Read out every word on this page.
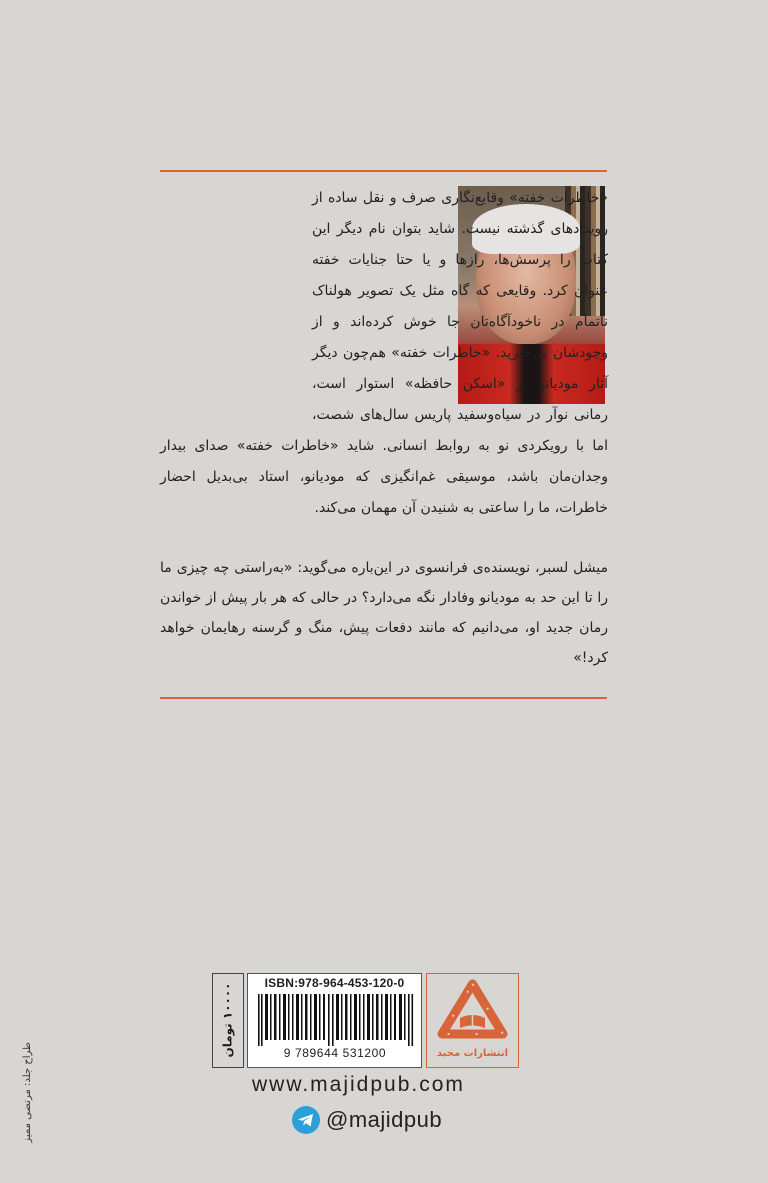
«خاطرات خفته» وقایع‌نگاری صرف و نقل ساده از رویدادهای گذشته نیست. شاید بتوان نام دیگر این کتاب را پرسش‌ها، رازها و یا حتا جنایات خفته عنوان کرد. وقایعی که گاه مثل یک تصویر هولناک ناتمام در ناخودآگاه‌تان جا خوش کرده‌اند و از وجودشان بی‌خبرید. «خاطرات خفته» هم‌چون دیگر آثار مودیانو بر «اسکن حافظه» استوار است، رمانی نوآر در سیاه‌وسفید پاریس سال‌های شصت، اما با رویکردی نو به روابط انسانی. شاید «خاطرات خفته» صدای بیدار وجدان‌مان باشد، موسیقی غم‌انگیزی که مودیانو، استاد بی‌بدیل احضار خاطرات، ما را ساعتی به شنیدن آن مهمان می‌کند.
میشل لسبر، نویسنده‌ی فرانسوی در این‌باره می‌گوید: «به‌راستی چه چیزی ما را تا این حد به مودیانو وفادار نگه می‌دارد؟ در حالی که هر بار پیش از خواندن رمان جدید او، می‌دانیم که مانند دفعات پیش، منگ و گرسنه رهایمان خواهد کرد!»
۱۰۰۰۰ تومان	ISBN:978-964-453-120-0
9 789644 531200	انتشارات مجید
www.majidpub.com
@majidpub
طراح جلد: مرتضی ممیز
